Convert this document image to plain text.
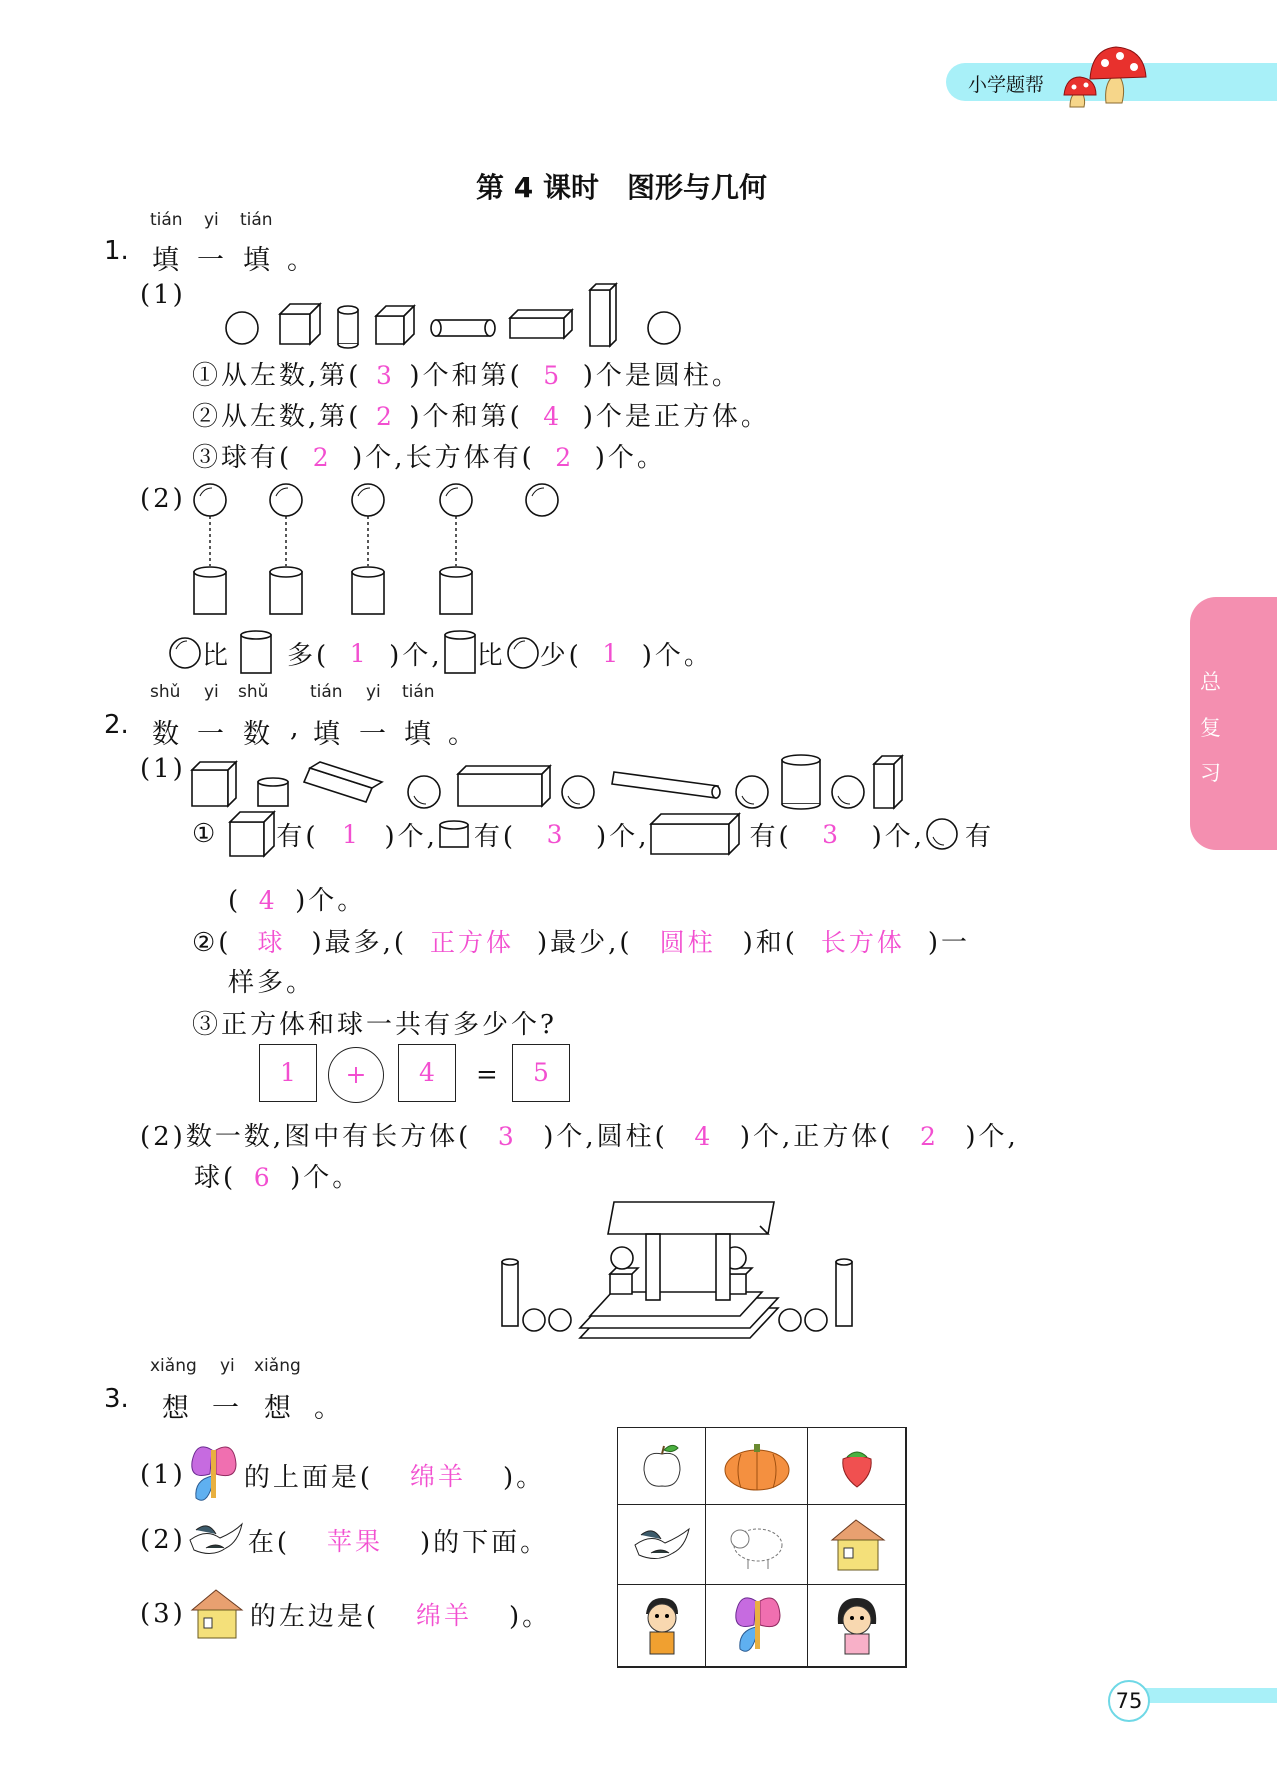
小学题帮
总
复
习
75
第 4 课时　图形与几何
tián yi tián
1. 填 一 填 。
(1)
①从左数,第( 3 )个和第( 5 )个是圆柱。
②从左数,第( 2 )个和第( 4 )个是正方体。
③球有( 2 )个,长方体有( 2 )个。
(2)
比 多( 1 )个, 比 少( 1 )个。
shǔ yi shǔ tián yi tián
2. 数 一 数 , 填 一 填 。
(1)
① 有( 1 )个, 有(	3	)个,	有(	3	)个, 有
( 4 )个。
②( 球 )最多,( 正方体 )最少,( 圆柱 )和( 长方体 )一
样多。
③正方体和球一共有多少个?
1	+	4	=	5
(2)数一数,图中有长方体( 3 )个,圆柱( 4 )个,正方体( 2 )个,
球( 6 )个。
xiǎng yi xiǎng
3. 想 一 想 。
(1) 的上面是(	绵羊	)。
(2) 在(	苹果	)的下面。
(3) 的左边是(	绵羊	)。
